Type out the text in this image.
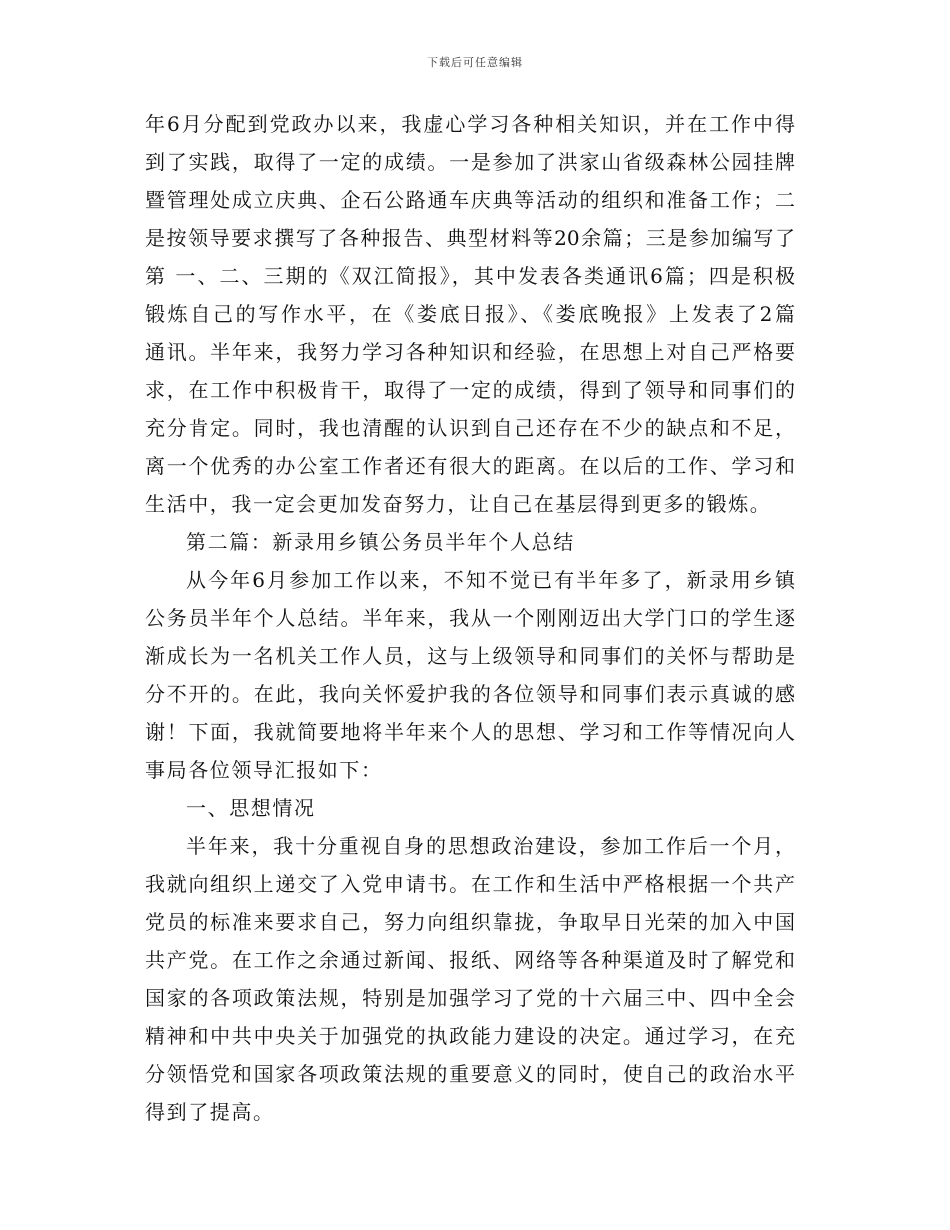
下载后可任意编辑
年6月分配到党政办以来，我虚心学习各种相关知识，并在工作中得
到了实践，取得了一定的成绩。一是参加了洪家山省级森林公园挂牌
暨管理处成立庆典、企石公路通车庆典等活动的组织和准备工作；二
是按领导要求撰写了各种报告、典型材料等20余篇；三是参加编写了
第 一、二、三期的《双江简报》，其中发表各类通讯6篇；四是积极
锻炼自己的写作水平，在《娄底日报》、《娄底晚报》上发表了2篇
通讯。半年来，我努力学习各种知识和经验，在思想上对自己严格要
求，在工作中积极肯干，取得了一定的成绩，得到了领导和同事们的
充分肯定。同时，我也清醒的认识到自己还存在不少的缺点和不足，
离一个优秀的办公室工作者还有很大的距离。在以后的工作、学习和
生活中，我一定会更加发奋努力，让自己在基层得到更多的锻炼。
第二篇：新录用乡镇公务员半年个人总结
从今年6月参加工作以来，不知不觉已有半年多了，新录用乡镇
公务员半年个人总结。半年来，我从一个刚刚迈出大学门口的学生逐
渐成长为一名机关工作人员，这与上级领导和同事们的关怀与帮助是
分不开的。在此，我向关怀爱护我的各位领导和同事们表示真诚的感
谢！下面，我就简要地将半年来个人的思想、学习和工作等情况向人
事局各位领导汇报如下：
一、思想情况
半年来，我十分重视自身的思想政治建设，参加工作后一个月，
我就向组织上递交了入党申请书。在工作和生活中严格根据一个共产
党员的标准来要求自己，努力向组织靠拢，争取早日光荣的加入中国
共产党。在工作之余通过新闻、报纸、网络等各种渠道及时了解党和
国家的各项政策法规，特别是加强学习了党的十六届三中、四中全会
精神和中共中央关于加强党的执政能力建设的决定。通过学习，在充
分领悟党和国家各项政策法规的重要意义的同时，使自己的政治水平
得到了提高。
